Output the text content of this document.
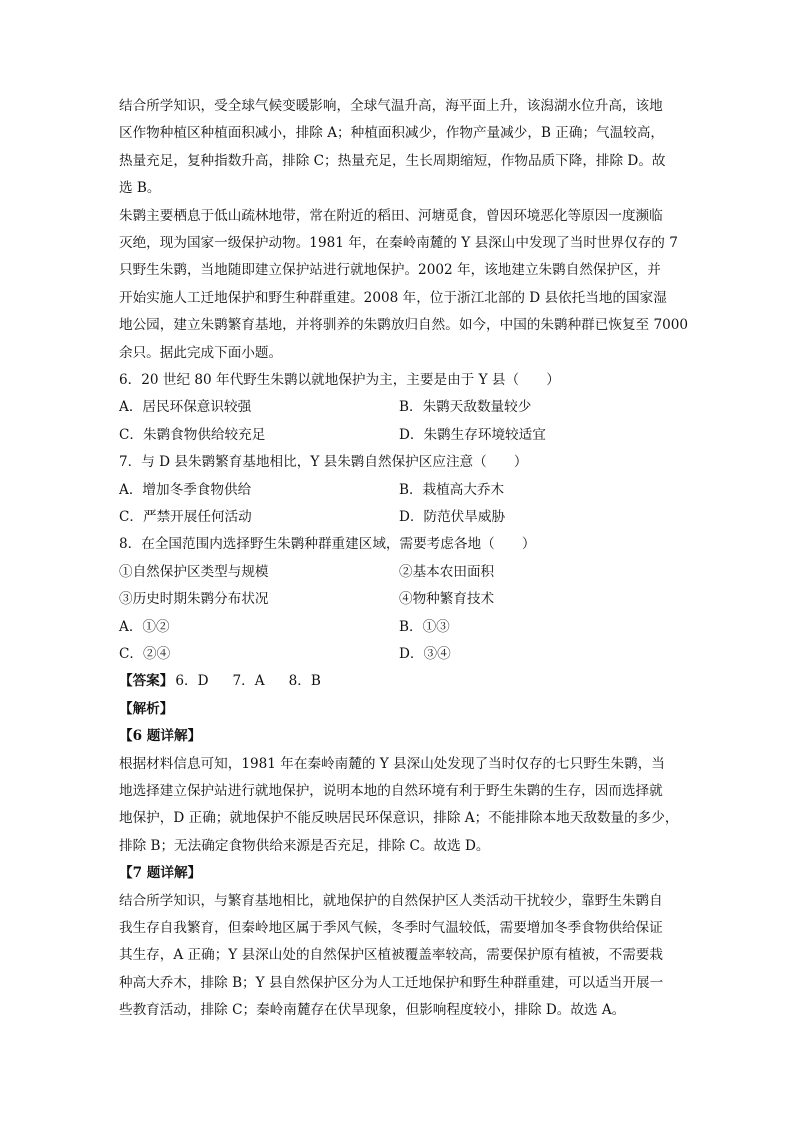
结合所学知识，受全球气候变暖影响，全球气温升高，海平面上升，该潟湖水位升高，该地
区作物种植区种植面积减小，排除 A；种植面积减少，作物产量减少，B 正确；气温较高，
热量充足，复种指数升高，排除 C；热量充足，生长周期缩短，作物品质下降，排除 D。故
选 B。

朱鹮主要栖息于低山疏林地带，常在附近的稻田、河塘觅食，曾因环境恶化等原因一度濒临
灭绝，现为国家一级保护动物。1981 年，在秦岭南麓的 Y 县深山中发现了当时世界仅存的 7
只野生朱鹮，当地随即建立保护站进行就地保护。2002 年，该地建立朱鹮自然保护区，并
开始实施人工迁地保护和野生种群重建。2008 年，位于浙江北部的 D 县依托当地的国家湿
地公园，建立朱鹮繁育基地，并将驯养的朱鹮放归自然。如今，中国的朱鹮种群已恢复至 7000
余只。据此完成下面小题。

6．20 世纪 80 年代野生朱鹮以就地保护为主，主要是由于 Y 县（　　）
A．居民环保意识较强	B．朱鹮天敌数量较少
C．朱鹮食物供给较充足	D．朱鹮生存环境较适宜
7．与 D 县朱鹮繁育基地相比，Y 县朱鹮自然保护区应注意（　　）
A．增加冬季食物供给	B．栽植高大乔木
C．严禁开展任何活动	D．防范伏旱威胁
8．在全国范围内选择野生朱鹮种群重建区域，需要考虑各地（　　）
①自然保护区类型与规模	②基本农田面积
③历史时期朱鹮分布状况	④物种繁育技术
A．①②	B．①③
C．②④	D．③④
【答案】 6．D 7．A 8．B
【解析】
【6 题详解】

根据材料信息可知，1981 年在秦岭南麓的 Y 县深山处发现了当时仅存的七只野生朱鹮，当
地选择建立保护站进行就地保护，说明本地的自然环境有利于野生朱鹮的生存，因而选择就
地保护，D 正确；就地保护不能反映居民环保意识，排除 A；不能排除本地天敌数量的多少，
排除 B；无法确定食物供给来源是否充足，排除 C。故选 D。

【7 题详解】

结合所学知识，与繁育基地相比，就地保护的自然保护区人类活动干扰较少，靠野生朱鹮自
我生存自我繁育，但秦岭地区属于季风气候，冬季时气温较低，需要增加冬季食物供给保证
其生存，A 正确；Y 县深山处的自然保护区植被覆盖率较高，需要保护原有植被，不需要栽
种高大乔木，排除 B；Y 县自然保护区分为人工迁地保护和野生种群重建，可以适当开展一
些教育活动，排除 C；秦岭南麓存在伏旱现象，但影响程度较小，排除 D。故选 A。
